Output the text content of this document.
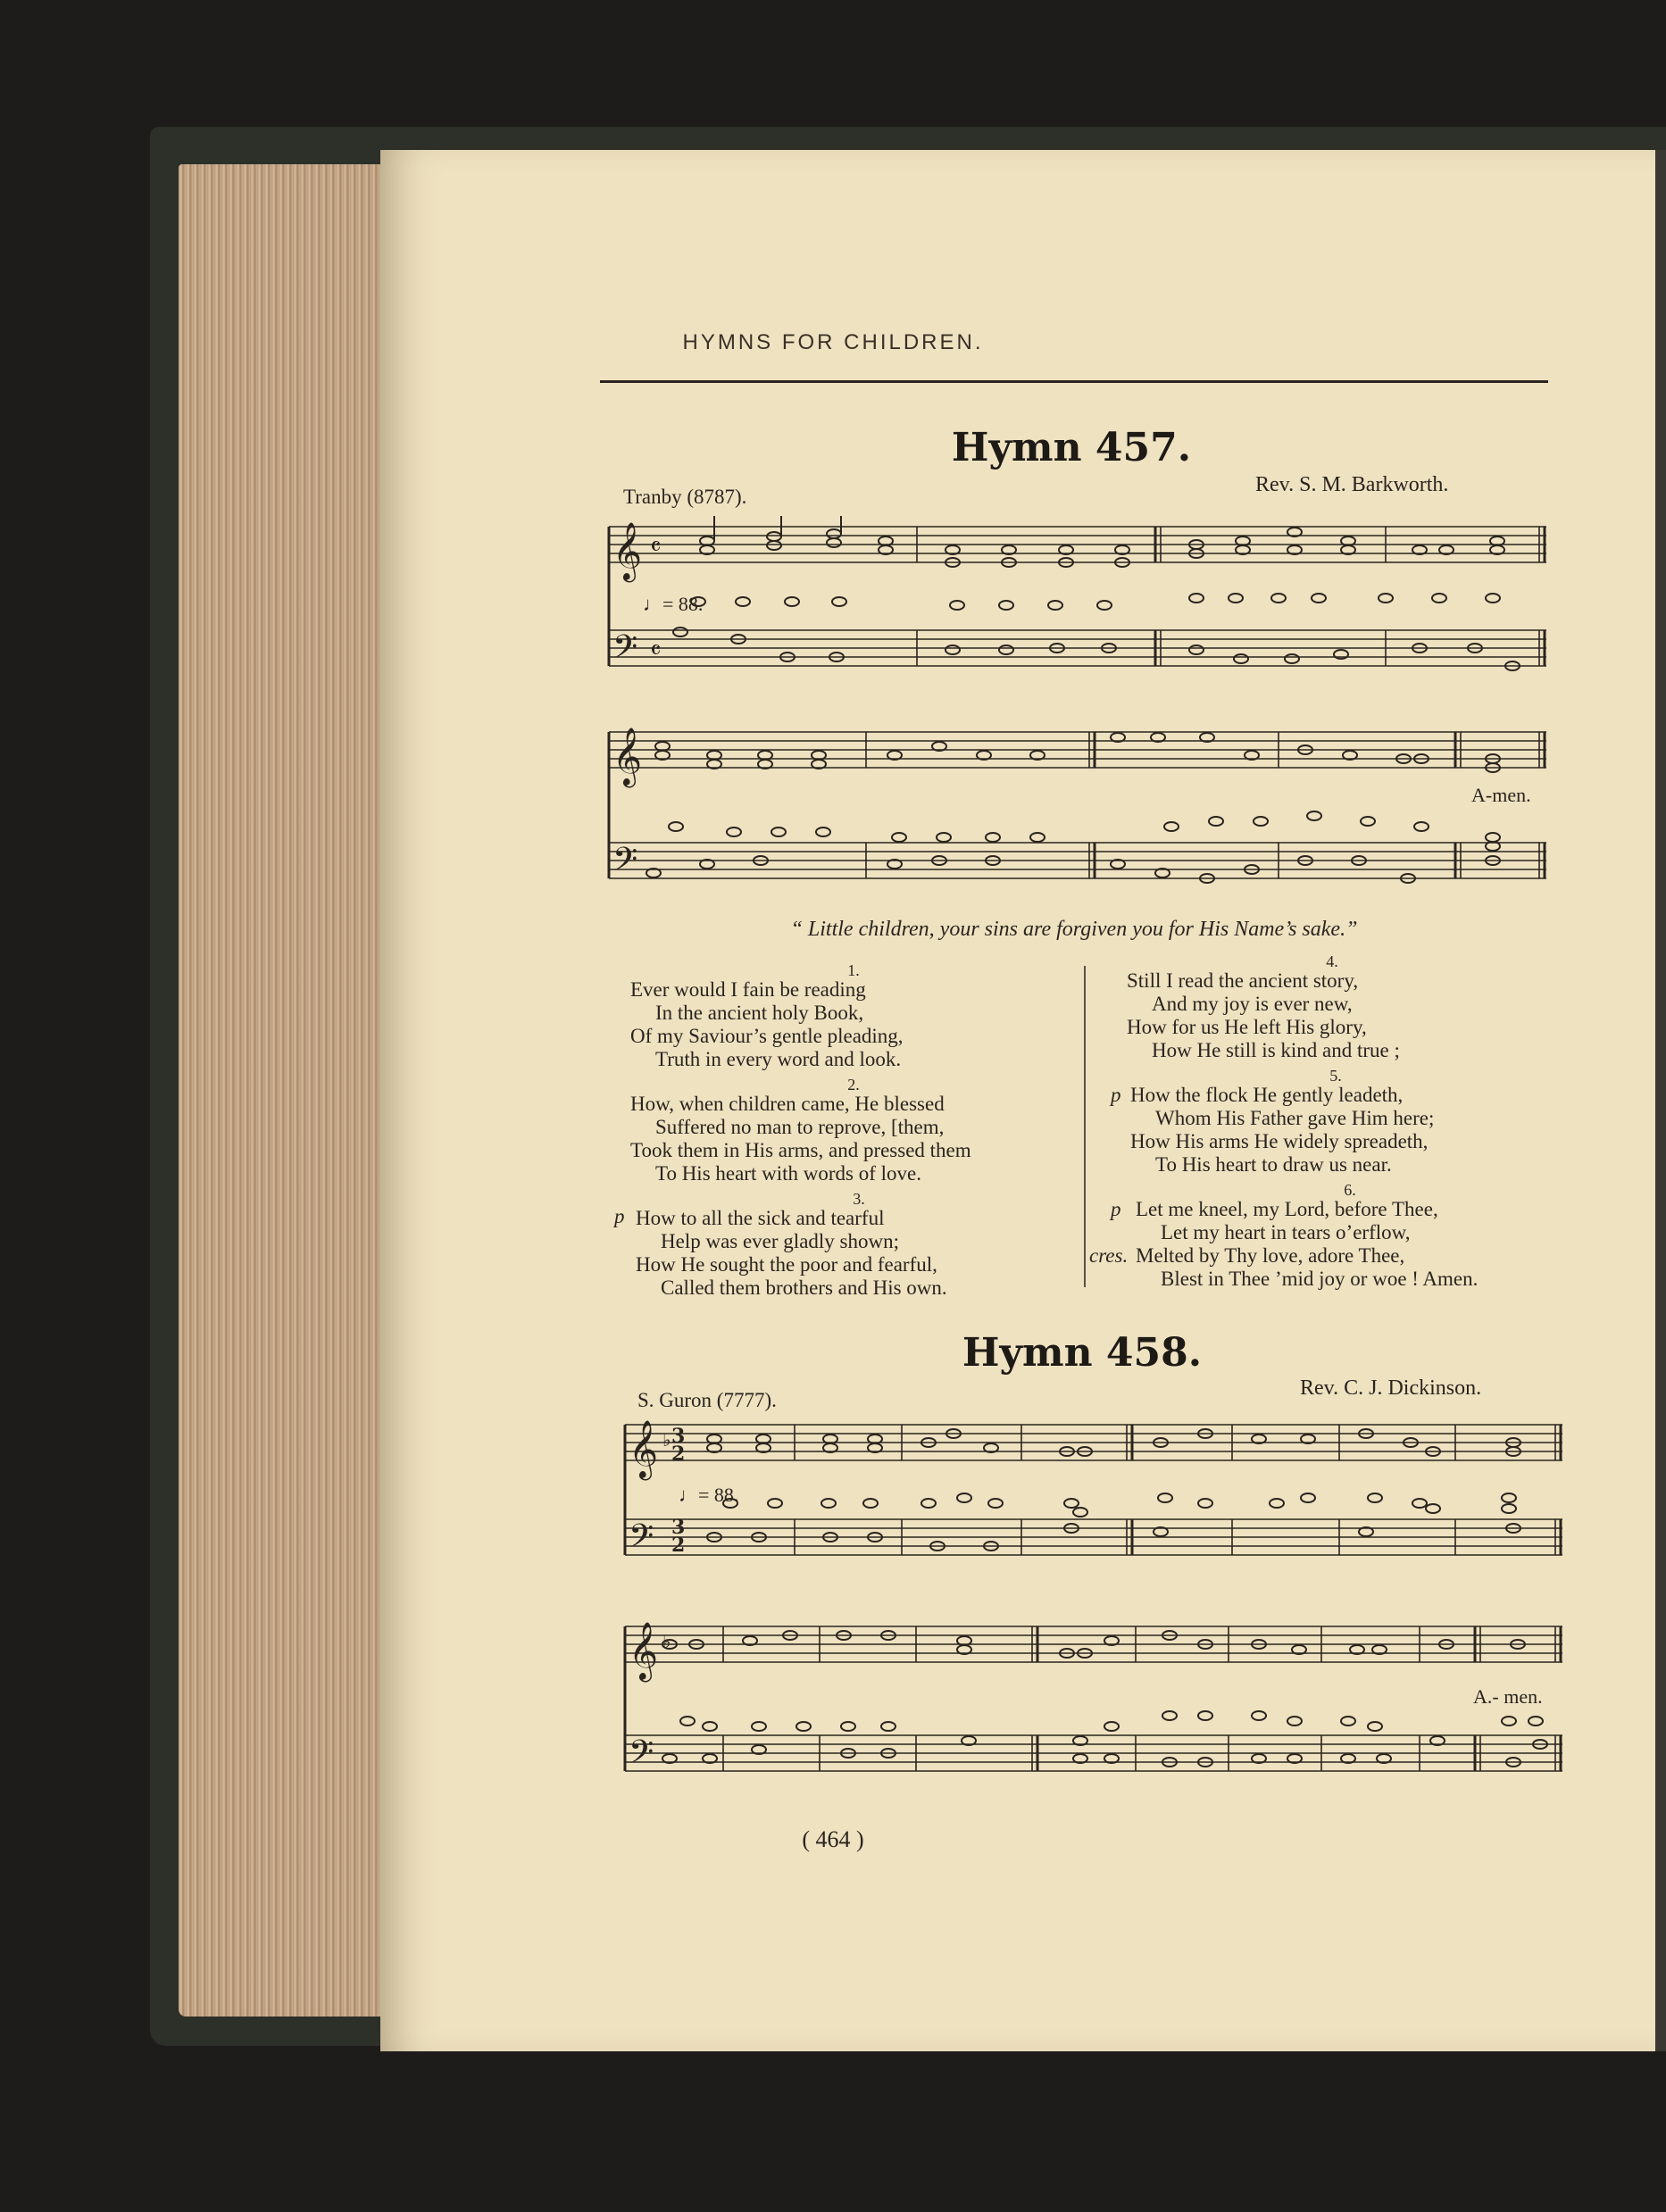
HYMNS FOR CHILDREN.
Hymn 457.
Tranby (8787).
Rev. S. M. Barkworth.
𝄞
𝄢
𝄴
𝄴
♩= 88.
𝄞
𝄢
A-men.
“ Little children, your sins are forgiven you for His Name’s sake.”
1.
Ever would I fain be reading
In the ancient holy Book,
Of my Saviour’s gentle pleading,
Truth in every word and look.
2.
How, when children came, He blessed
Suffered no man to reprove, [them,
Took them in His arms, and pressed them
To His heart with words of love.
p
3.
How to all the sick and tearful
Help was ever gladly shown;
How He sought the poor and fearful,
Called them brothers and His own.
4.
Still I read the ancient story,
And my joy is ever new,
How for us He left His glory,
How He still is kind and true ;
p
5.
How the flock He gently leadeth,
Whom His Father gave Him here;
How His arms He widely spreadeth,
To His heart to draw us near.
p
cres.
6.
Let me kneel, my Lord, before Thee,
Let my heart in tears o’erflow,
Melted by Thy love, adore Thee,
Blest in Thee ’mid joy or woe ! Amen.
Hymn 458.
S. Guron (7777).
Rev. C. J. Dickinson.
𝄞
𝄢
♭ 3
2
3
2
♩= 88.
𝄞
𝄢
♭
A.- men.
( 464 )
